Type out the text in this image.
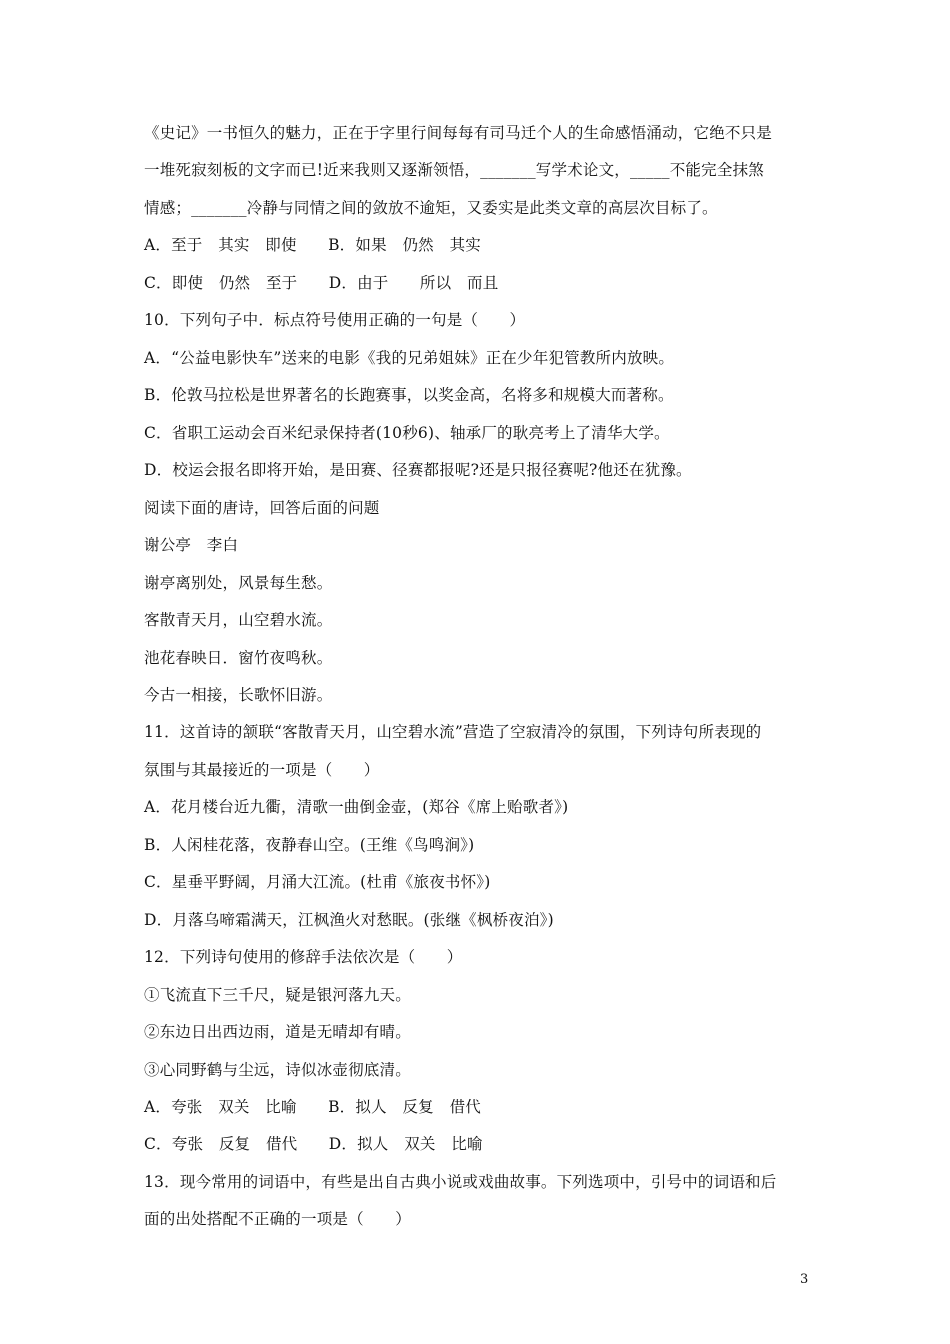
《史记》一书恒久的魅力，正在于字里行间每每有司马迁个人的生命感悟涌动，它绝不只是
一堆死寂刻板的文字而已!近来我则又逐渐领悟，_______写学术论文，_____不能完全抹煞
情感；_______冷静与同情之间的敛放不逾矩，又委实是此类文章的高层次目标了。
A．至于　其实　即使　　B．如果　仍然　其实
C．即使　仍然　至于　　D．由于　　所以　而且
10．下列句子中．标点符号使用正确的一句是（　　）
A．“公益电影快车”送来的电影《我的兄弟姐妹》正在少年犯管教所内放映。
B．伦敦马拉松是世界著名的长跑赛事，以奖金高，名将多和规模大而著称。
C．省职工运动会百米纪录保持者(10秒6)、轴承厂的耿亮考上了清华大学。
D．校运会报名即将开始，是田赛、径赛都报呢?还是只报径赛呢?他还在犹豫。
阅读下面的唐诗，回答后面的问题
谢公亭　李白
谢亭离别处，风景每生愁。
客散青天月，山空碧水流。
池花春映日．窗竹夜鸣秋。
今古一相接，长歌怀旧游。
11．这首诗的颔联“客散青天月，山空碧水流”营造了空寂清冷的氛围，下列诗句所表现的
氛围与其最接近的一项是（　　）
A．花月楼台近九衢，清歌一曲倒金壶，(郑谷《席上贻歌者》)
B．人闲桂花落，夜静春山空。(王维《鸟鸣涧》)
C．星垂平野阔，月涌大江流。(杜甫《旅夜书怀》)
D．月落乌啼霜满天，江枫渔火对愁眠。(张继《枫桥夜泊》)
12．下列诗句使用的修辞手法依次是（　　）
①飞流直下三千尺，疑是银河落九天。
②东边日出西边雨，道是无晴却有晴。
③心同野鹤与尘远，诗似冰壶彻底清。
A．夸张　双关　比喻　　B．拟人　反复　借代
C．夸张　反复　借代　　D．拟人　双关　比喻
13．现今常用的词语中，有些是出自古典小说或戏曲故事。下列选项中，引号中的词语和后
面的出处搭配不正确的一项是（　　）
3
